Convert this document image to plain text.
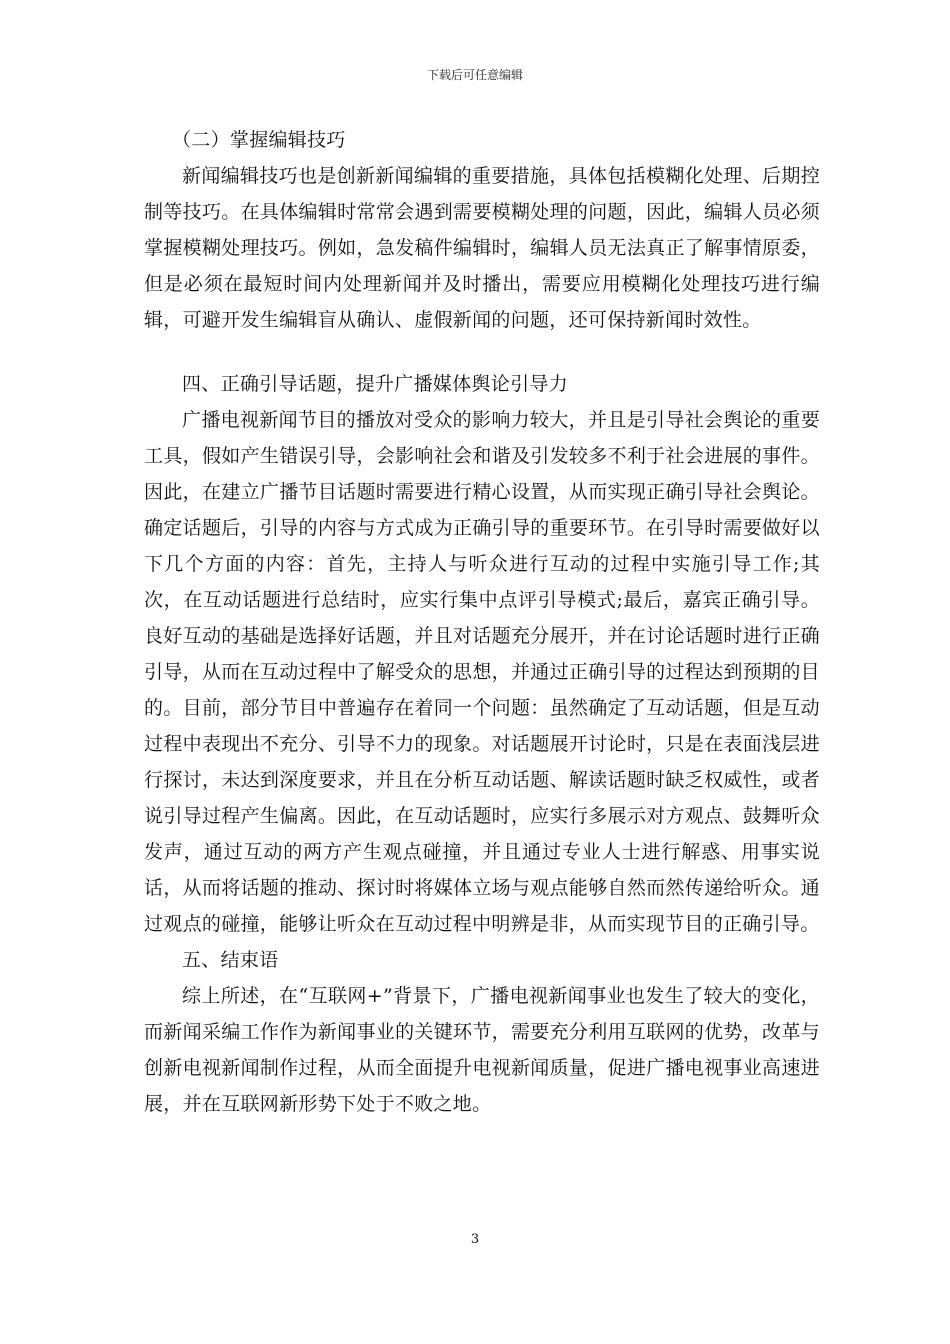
下载后可任意编辑

（二）掌握编辑技巧

新闻编辑技巧也是创新新闻编辑的重要措施，具体包括模糊化处理、后期控制等技巧。在具体编辑时常常会遇到需要模糊处理的问题，因此，编辑人员必须掌握模糊处理技巧。例如，急发稿件编辑时，编辑人员无法真正了解事情原委，但是必须在最短时间内处理新闻并及时播出，需要应用模糊化处理技巧进行编辑，可避开发生编辑盲从确认、虚假新闻的问题，还可保持新闻时效性。

四、正确引导话题，提升广播媒体舆论引导力

广播电视新闻节目的播放对受众的影响力较大，并且是引导社会舆论的重要工具，假如产生错误引导，会影响社会和谐及引发较多不利于社会进展的事件。因此，在建立广播节目话题时需要进行精心设置，从而实现正确引导社会舆论。确定话题后，引导的内容与方式成为正确引导的重要环节。在引导时需要做好以下几个方面的内容：首先，主持人与听众进行互动的过程中实施引导工作;其次，在互动话题进行总结时，应实行集中点评引导模式;最后，嘉宾正确引导。良好互动的基础是选择好话题，并且对话题充分展开，并在讨论话题时进行正确引导，从而在互动过程中了解受众的思想，并通过正确引导的过程达到预期的目的。目前，部分节目中普遍存在着同一个问题：虽然确定了互动话题，但是互动过程中表现出不充分、引导不力的现象。对话题展开讨论时，只是在表面浅层进行探讨，未达到深度要求，并且在分析互动话题、解读话题时缺乏权威性，或者说引导过程产生偏离。因此，在互动话题时，应实行多展示对方观点、鼓舞听众发声，通过互动的两方产生观点碰撞，并且通过专业人士进行解惑、用事实说话，从而将话题的推动、探讨时将媒体立场与观点能够自然而然传递给听众。通过观点的碰撞，能够让听众在互动过程中明辨是非，从而实现节目的正确引导。

五、结束语

综上所述，在“互联网+”背景下，广播电视新闻事业也发生了较大的变化，而新闻采编工作作为新闻事业的关键环节，需要充分利用互联网的优势，改革与创新电视新闻制作过程，从而全面提升电视新闻质量，促进广播电视事业高速进展，并在互联网新形势下处于不败之地。

3
